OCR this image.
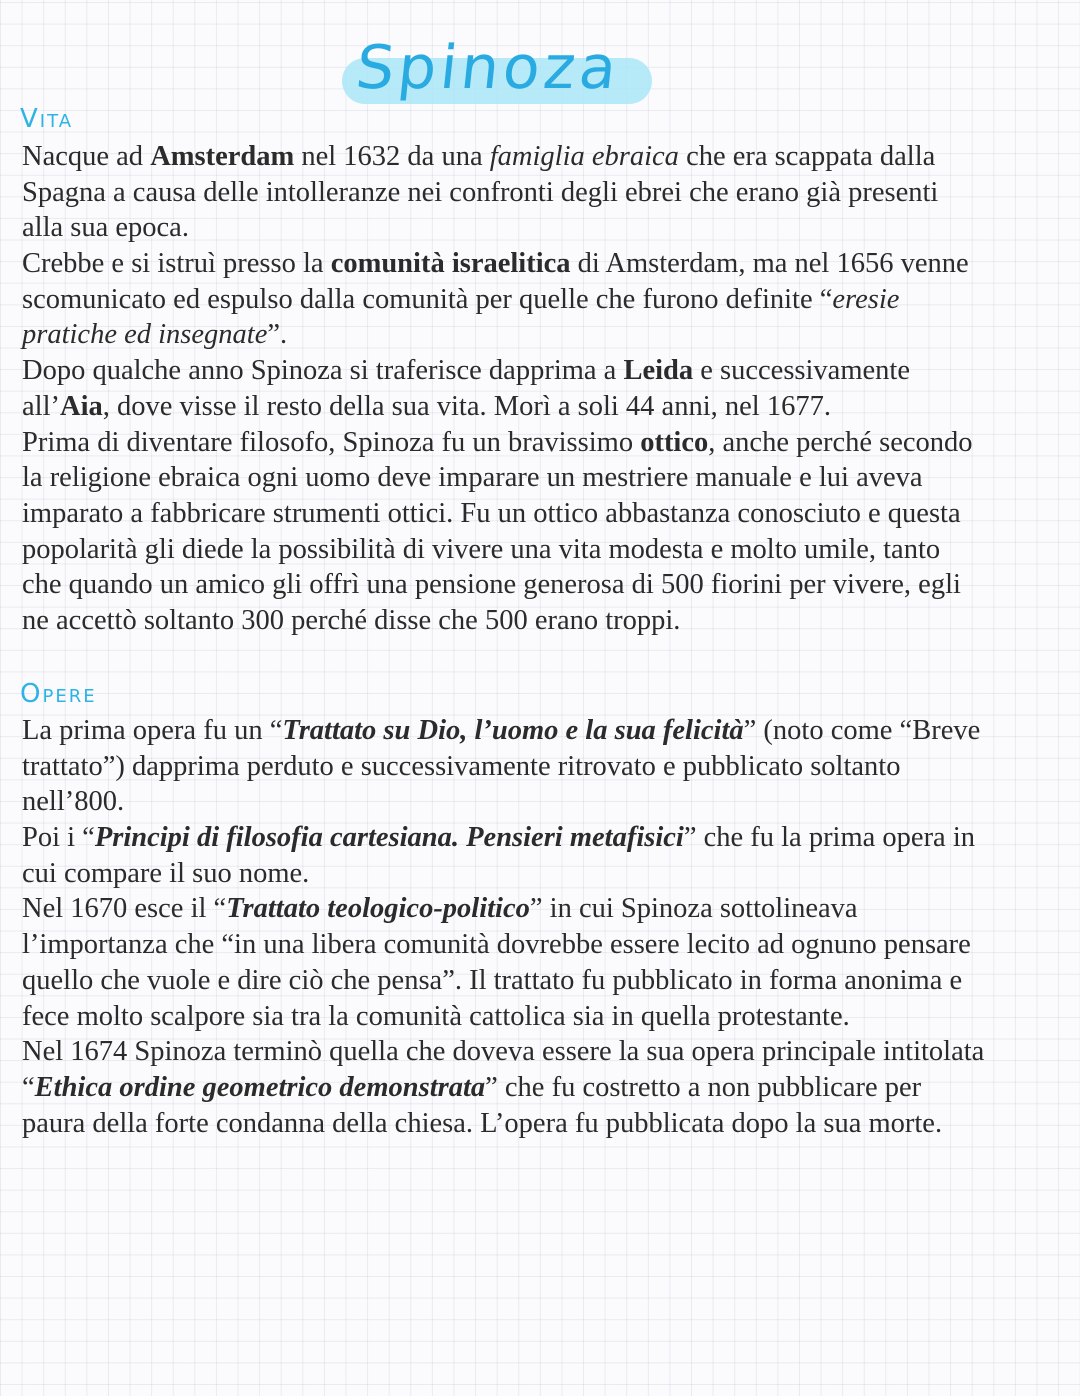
Spinoza
Vita
Nacque ad Amsterdam nel 1632 da una famiglia ebraica che era scappata dalla
Spagna a causa delle intolleranze nei confronti degli ebrei che erano già presenti
alla sua epoca.
Crebbe e si istruì presso la comunità israelitica di Amsterdam, ma nel 1656 venne
scomunicato ed espulso dalla comunità per quelle che furono definite “eresie
pratiche ed insegnate”.
Dopo qualche anno Spinoza si traferisce dapprima a Leida e successivamente
all’Aia, dove visse il resto della sua vita. Morì a soli 44 anni, nel 1677.
Prima di diventare filosofo, Spinoza fu un bravissimo ottico, anche perché secondo
la religione ebraica ogni uomo deve imparare un mestriere manuale e lui aveva
imparato a fabbricare strumenti ottici. Fu un ottico abbastanza conosciuto e questa
popolarità gli diede la possibilità di vivere una vita modesta e molto umile, tanto
che quando un amico gli offrì una pensione generosa di 500 fiorini per vivere, egli
ne accettò soltanto 300 perché disse che 500 erano troppi.
Opere
La prima opera fu un “Trattato su Dio, l’uomo e la sua felicità” (noto come “Breve
trattato”) dapprima perduto e successivamente ritrovato e pubblicato soltanto
nell’800.
Poi i “Principi di filosofia cartesiana. Pensieri metafisici” che fu la prima opera in
cui compare il suo nome.
Nel 1670 esce il “Trattato teologico-politico” in cui Spinoza sottolineava
l’importanza che “in una libera comunità dovrebbe essere lecito ad ognuno pensare
quello che vuole e dire ciò che pensa”. Il trattato fu pubblicato in forma anonima e
fece molto scalpore sia tra la comunità cattolica sia in quella protestante.
Nel 1674 Spinoza terminò quella che doveva essere la sua opera principale intitolata
“Ethica ordine geometrico demonstrata” che fu costretto a non pubblicare per
paura della forte condanna della chiesa. L’opera fu pubblicata dopo la sua morte.
